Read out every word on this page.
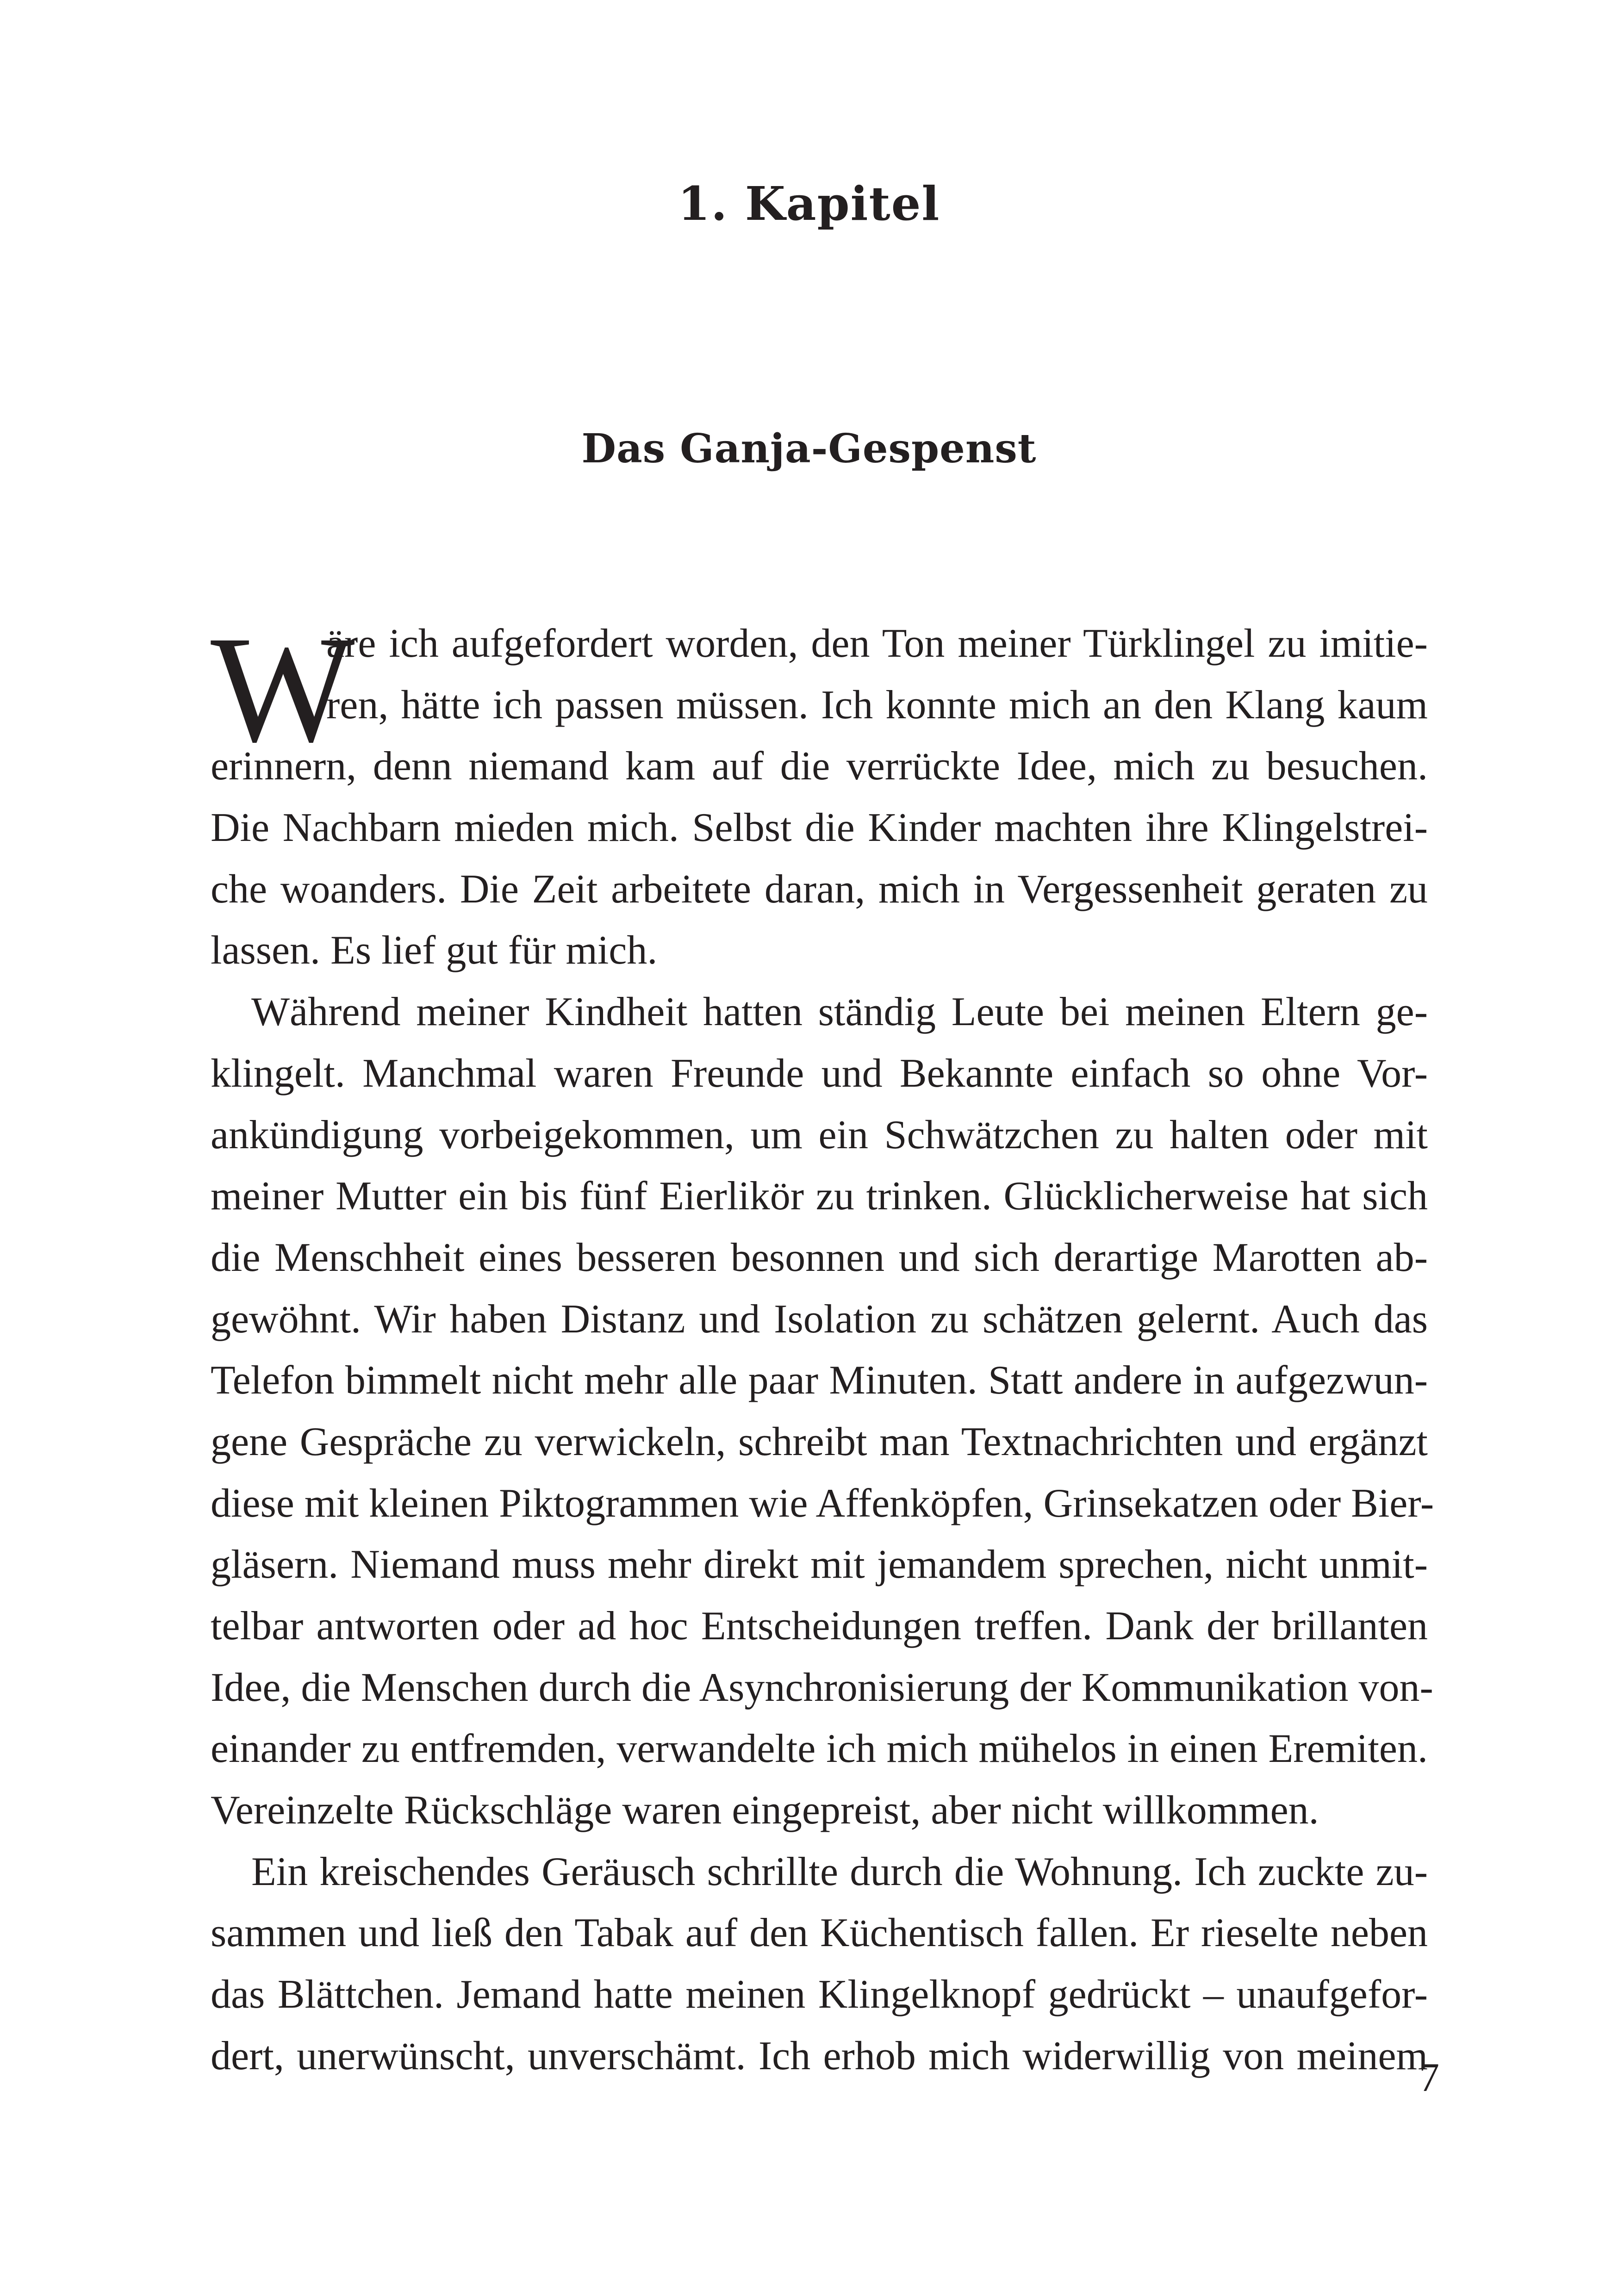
1. Kapitel
Das Ganja-Gespenst
W
äre ich aufgefordert worden, den Ton meiner Türklingel zu imitie-
ren, hätte ich passen müssen. Ich konnte mich an den Klang kaum
erinnern, denn niemand kam auf die verrückte Idee, mich zu besuchen.
Die Nachbarn mieden mich. Selbst die Kinder machten ihre Klingelstrei-
che woanders. Die Zeit arbeitete daran, mich in Vergessenheit geraten zu
lassen. Es lief gut für mich.
Während meiner Kindheit hatten ständig Leute bei meinen Eltern ge-
klingelt. Manchmal waren Freunde und Bekannte einfach so ohne Vor-
ankündigung vorbeigekommen, um ein Schwätzchen zu halten oder mit
meiner Mutter ein bis fünf Eierlikör zu trinken. Glücklicherweise hat sich
die Menschheit eines besseren besonnen und sich derartige Marotten ab-
gewöhnt. Wir haben Distanz und Isolation zu schätzen gelernt. Auch das
Telefon bimmelt nicht mehr alle paar Minuten. Statt andere in aufgezwun-
gene Gespräche zu verwickeln, schreibt man Textnachrichten und ergänzt
diese mit kleinen Piktogrammen wie Affenköpfen, Grinsekatzen oder Bier-
gläsern. Niemand muss mehr direkt mit jemandem sprechen, nicht unmit-
telbar antworten oder ad hoc Entscheidungen treffen. Dank der brillanten
Idee, die Menschen durch die Asynchronisierung der Kommunikation von-
einander zu entfremden, verwandelte ich mich mühelos in einen Eremiten.
Vereinzelte Rückschläge waren eingepreist, aber nicht willkommen.
Ein kreischendes Geräusch schrillte durch die Wohnung. Ich zuckte zu-
sammen und ließ den Tabak auf den Küchentisch fallen. Er rieselte neben
das Blättchen. Jemand hatte meinen Klingelknopf gedrückt – unaufgefor-
dert, unerwünscht, unverschämt. Ich erhob mich widerwillig von meinem
7
